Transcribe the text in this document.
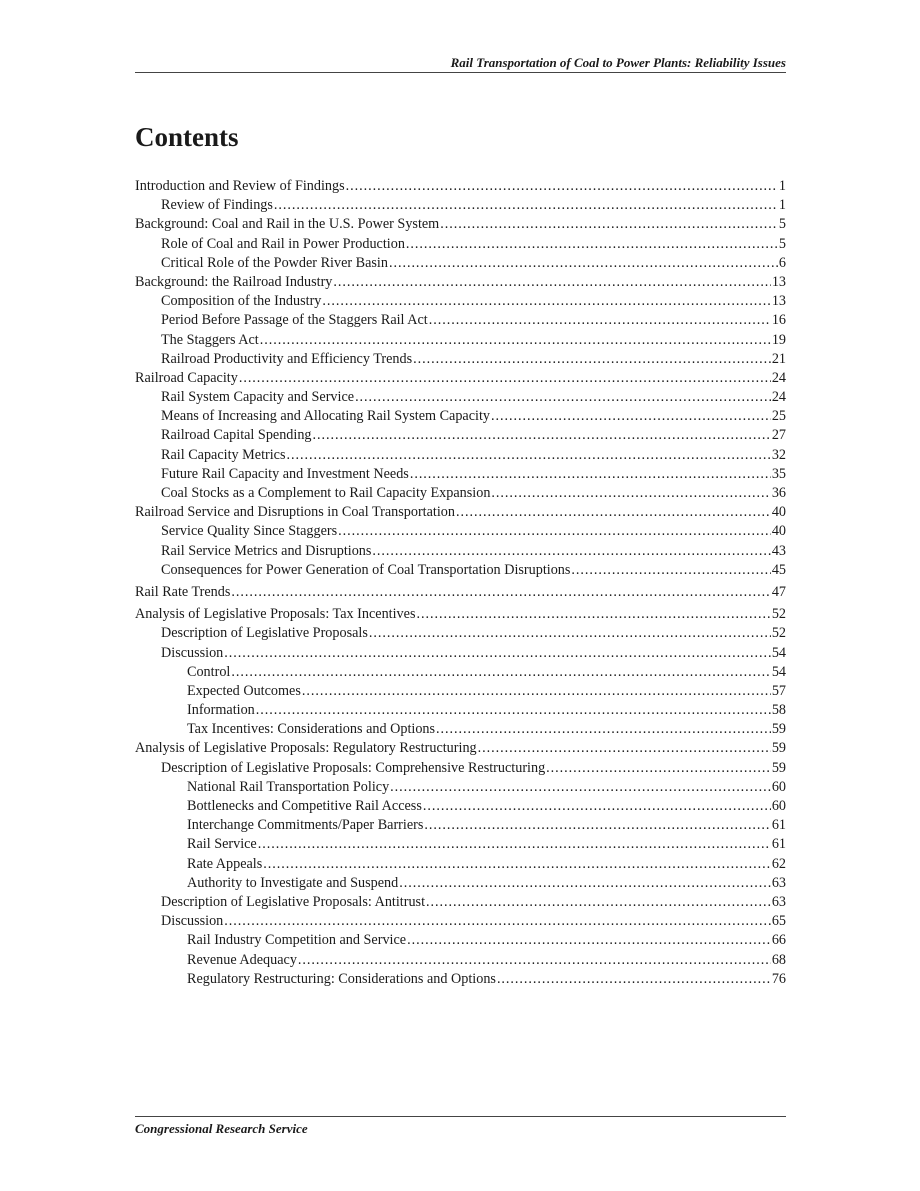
Rail Transportation of Coal to Power Plants: Reliability Issues
Contents
Introduction and Review of Findings . . .	1
Review of Findings . . .	1
Background: Coal and Rail in the U.S. Power System . . .	5
Role of Coal and Rail in Power Production . . .	5
Critical Role of the Powder River Basin . . .	6
Background: the Railroad Industry . . .	13
Composition of the Industry . . .	13
Period Before Passage of the Staggers Rail Act . . .	16
The Staggers Act . . .	19
Railroad Productivity and Efficiency Trends . . .	21
Railroad Capacity . . .	24
Rail System Capacity and Service . . .	24
Means of Increasing and Allocating Rail System Capacity . . .	25
Railroad Capital Spending . . .	27
Rail Capacity Metrics . . .	32
Future Rail Capacity and Investment Needs . . .	35
Coal Stocks as a Complement to Rail Capacity Expansion . . .	36
Railroad Service and Disruptions in Coal Transportation . . .	40
Service Quality Since Staggers . . .	40
Rail Service Metrics and Disruptions . . .	43
Consequences for Power Generation of Coal Transportation Disruptions . . .	45
Rail Rate Trends . . .	47
Analysis of Legislative Proposals: Tax Incentives . . .	52
Description of Legislative Proposals . . .	52
Discussion . . .	54
Control . . .	54
Expected Outcomes . . .	57
Information . . .	58
Tax Incentives: Considerations and Options . . .	59
Analysis of Legislative Proposals: Regulatory Restructuring . . .	59
Description of Legislative Proposals: Comprehensive Restructuring . . .	59
National Rail Transportation Policy . . .	60
Bottlenecks and Competitive Rail Access . . .	60
Interchange Commitments/Paper Barriers . . .	61
Rail Service . . .	61
Rate Appeals . . .	62
Authority to Investigate and Suspend . . .	63
Description of Legislative Proposals: Antitrust . . .	63
Discussion . . .	65
Rail Industry Competition and Service . . .	66
Revenue Adequacy . . .	68
Regulatory Restructuring: Considerations and Options . . .	76
Congressional Research Service
